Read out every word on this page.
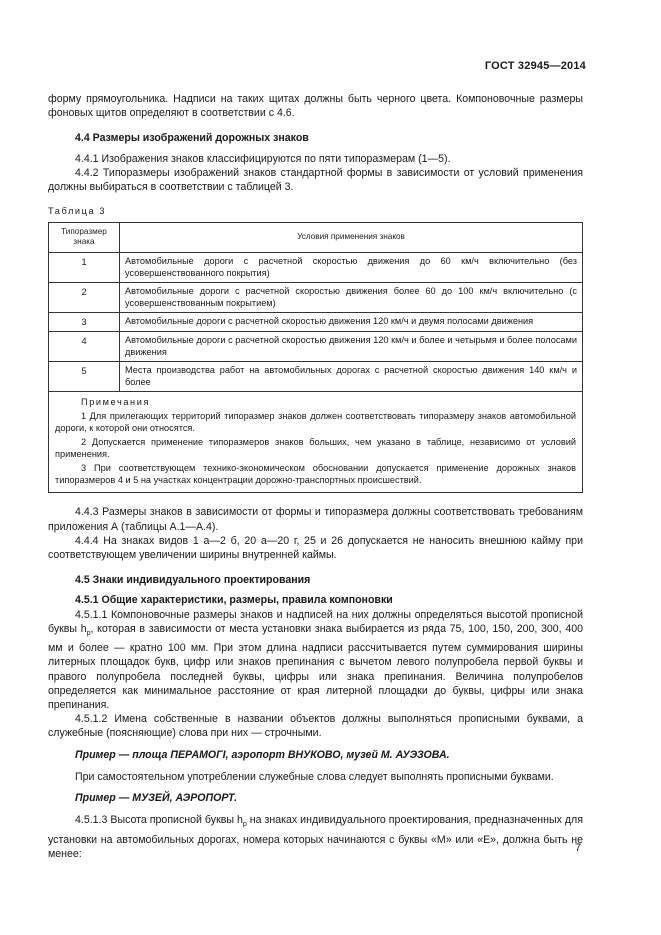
ГОСТ 32945—2014

форму прямоугольника. Надписи на таких щитах должны быть черного цвета. Компоновочные размеры фоновых щитов определяют в соответствии с 4.6.

4.4 Размеры изображений дорожных знаков

4.4.1 Изображения знаков классифицируются по пяти типоразмерам (1—5).

4.4.2 Типоразмеры изображений знаков стандартной формы в зависимости от условий применения должны выбираться в соответствии с таблицей 3.

Таблица 3
Типоразмер знака	Условия применения знаков
1	Автомобильные дороги с расчетной скоростью движения до 60 км/ч включительно (без усовершенствованного покрытия)
2	Автомобильные дороги с расчетной скоростью движения более 60 до 100 км/ч включительно (с усовершенствованным покрытием)
3	Автомобильные дороги с расчетной скоростью движения 120 км/ч и двумя полосами движения
4	Автомобильные дороги с расчетной скоростью движения 120 км/ч и более и четырьмя и более полосами движения
5	Места производства работ на автомобильных дорогах с расчетной скоростью движения 140 км/ч и более

Примечания
1 Для прилегающих территорий типоразмер знаков должен соответствовать типоразмеру знаков автомобильной дороги, к которой они относятся.
2 Допускается применение типоразмеров знаков больших, чем указано в таблице, независимо от условий применения.
3 При соответствующем технико-экономическом обосновании допускается применение дорожных знаков типоразмеров 4 и 5 на участках концентрации дорожно-транспортных происшествий.	

4.4.3 Размеры знаков в зависимости от формы и типоразмера должны соответствовать требованиям приложения А (таблицы А.1—А.4).

4.4.4 На знаках видов 1 а—2 б, 20 а—20 г, 25 и 26 допускается не наносить внешнюю кайму при соответствующем увеличении ширины внутренней каймы.

4.5 Знаки индивидуального проектирования

4.5.1 Общие характеристики, размеры, правила компоновки

4.5.1.1 Компоновочные размеры знаков и надписей на них должны определяться высотой прописной буквы $h_p$, которая в зависимости от места установки знака выбирается из ряда 75, 100, 150, 200, 300, 400 мм и более — кратно 100 мм. При этом длина надписи рассчитывается путем суммирования ширины литерных площадок букв, цифр или знаков препинания с вычетом левого полупробела первой буквы и правого полупробела последней буквы, цифры или знака препинания. Величина полупробелов определяется как минимальное расстояние от края литерной площадки до буквы, цифры или знака препинания.

4.5.1.2 Имена собственные в названии объектов должны выполняться прописными буквами, а служебные (поясняющие) слова при них — строчными.

Пример — площа ПЕРАМОГІ, аэропорт ВНУКОВО, музей М. АУЭЗОВА.

При самостоятельном употреблении служебные слова следует выполнять прописными буквами.

Пример — МУЗЕЙ, АЭРОПОРТ.

4.5.1.3 Высота прописной буквы $h_р$ на знаках индивидуального проектирования, предназначенных для установки на автомобильных дорогах, номера которых начинаются с буквы «М» или «Е», должна быть не менее:	7
